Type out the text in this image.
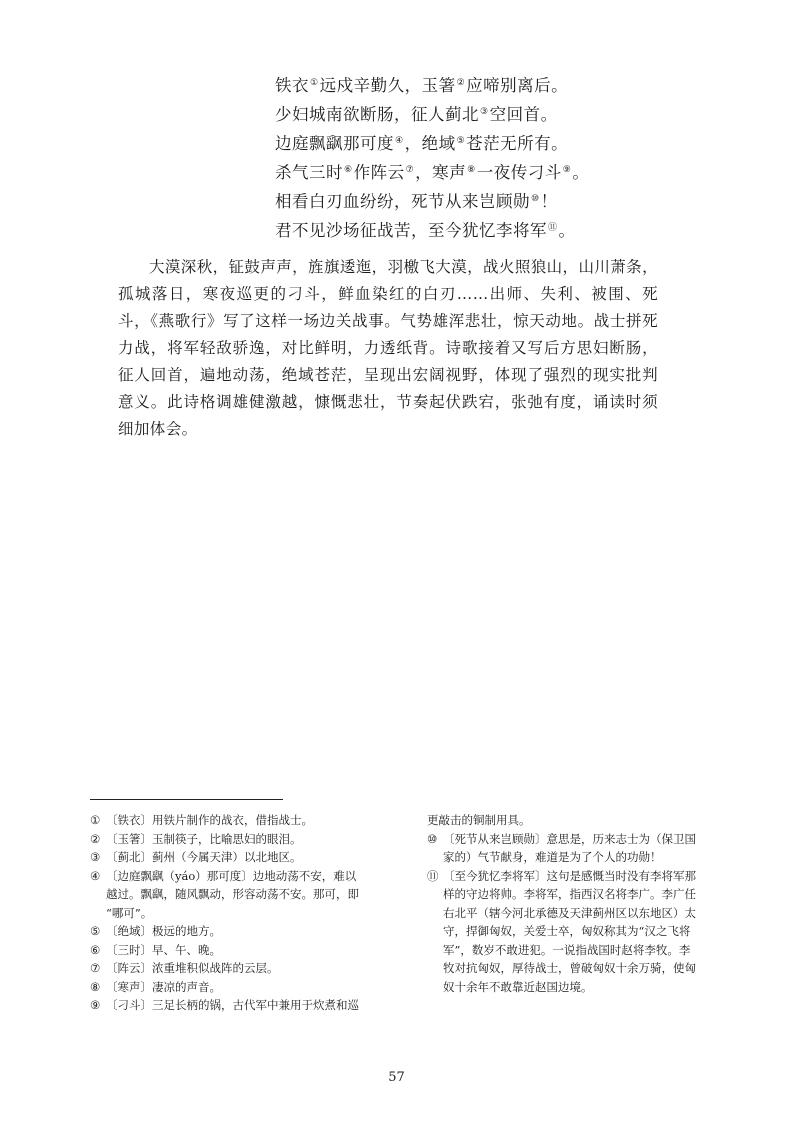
铁衣①远戍辛勤久，玉箸②应啼别离后。
少妇城南欲断肠，征人蓟北③空回首。
边庭飘飖那可度④，绝域⑤苍茫无所有。
杀气三时⑥作阵云⑦，寒声⑧一夜传刁斗⑨。
相看白刃血纷纷，死节从来岂顾勋⑩！
君不见沙场征战苦，至今犹忆李将军⑪。

大漠深秋，钲鼓声声，旌旗逶迤，羽檄飞大漠，战火照狼山，山川萧条，孤城落日，寒夜巡更的刁斗，鲜血染红的白刃……出师、失利、被围、死斗，《燕歌行》写了这样一场边关战事。气势雄浑悲壮，惊天动地。战士拼死力战，将军轻敌骄逸，对比鲜明，力透纸背。诗歌接着又写后方思妇断肠，征人回首，遍地动荡，绝域苍茫，呈现出宏阔视野，体现了强烈的现实批判意义。此诗格调雄健激越，慷慨悲壮，节奏起伏跌宕，张弛有度，诵读时须细加体会。

① 〔铁衣〕用铁片制作的战衣，借指战士。
② 〔玉箸〕玉制筷子，比喻思妇的眼泪。
③ 〔蓟北〕蓟州（今属天津）以北地区。
④ 〔边庭飘飖（yáo）那可度〕边地动荡不安，难以
越过。飘飖，随风飘动，形容动荡不安。那可，即
“哪可”。
⑤ 〔绝域〕极远的地方。
⑥ 〔三时〕早、午、晚。
⑦ 〔阵云〕浓重堆积似战阵的云层。
⑧ 〔寒声〕凄凉的声音。
⑨ 〔刁斗〕三足长柄的锅，古代军中兼用于炊煮和巡
更敲击的铜制用具。
⑩ 〔死节从来岂顾勋〕意思是，历来志士为（保卫国
家的）气节献身，难道是为了个人的功勋！
⑪ 〔至今犹忆李将军〕这句是感慨当时没有李将军那
样的守边将帅。李将军，指西汉名将李广。李广任
右北平（辖今河北承德及天津蓟州区以东地区）太
守，捍御匈奴，关爱士卒，匈奴称其为“汉之飞将
军”，数岁不敢进犯。一说指战国时赵将李牧。李
牧对抗匈奴，厚待战士，曾破匈奴十余万骑，使匈
奴十余年不敢靠近赵国边境。
57
